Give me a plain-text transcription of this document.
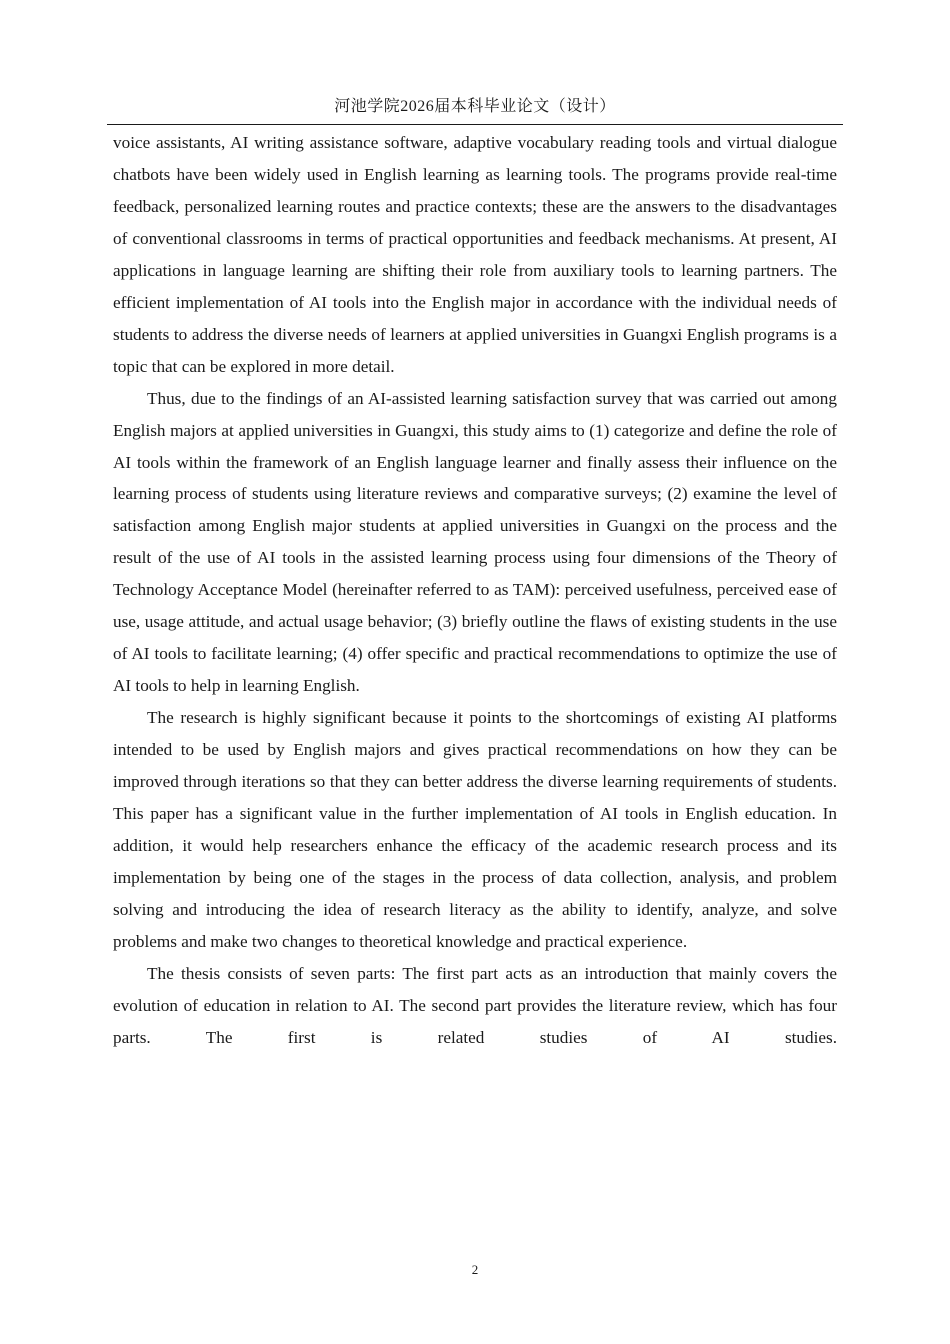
河池学院2026届本科毕业论文（设计）

voice assistants, AI writing assistance software, adaptive vocabulary reading tools and virtual dialogue chatbots have been widely used in English learning as learning tools. The programs provide real-time feedback, personalized learning routes and practice contexts; these are the answers to the disadvantages of conventional classrooms in terms of practical opportunities and feedback mechanisms. At present, AI applications in language learning are shifting their role from auxiliary tools to learning partners. The efficient implementation of AI tools into the English major in accordance with the individual needs of students to address the diverse needs of learners at applied universities in Guangxi English programs is a topic that can be explored in more detail.

Thus, due to the findings of an AI-assisted learning satisfaction survey that was carried out among English majors at applied universities in Guangxi, this study aims to (1) categorize and define the role of AI tools within the framework of an English language learner and finally assess their influence on the learning process of students using literature reviews and comparative surveys; (2) examine the level of satisfaction among English major students at applied universities in Guangxi on the process and the result of the use of AI tools in the assisted learning process using four dimensions of the Theory of Technology Acceptance Model (hereinafter referred to as TAM): perceived usefulness, perceived ease of use, usage attitude, and actual usage behavior; (3) briefly outline the flaws of existing students in the use of AI tools to facilitate learning; (4) offer specific and practical recommendations to optimize the use of AI tools to help in learning English.

The research is highly significant because it points to the shortcomings of existing AI platforms intended to be used by English majors and gives practical recommendations on how they can be improved through iterations so that they can better address the diverse learning requirements of students. This paper has a significant value in the further implementation of AI tools in English education. In addition, it would help researchers enhance the efficacy of the academic research process and its implementation by being one of the stages in the process of data collection, analysis, and problem solving and introducing the idea of research literacy as the ability to identify, analyze, and solve problems and make two changes to theoretical knowledge and practical experience.

The thesis consists of seven parts: The first part acts as an introduction that mainly covers the evolution of education in relation to AI. The second part provides the literature review, which has four parts. The first is related studies of AI studies.

2
